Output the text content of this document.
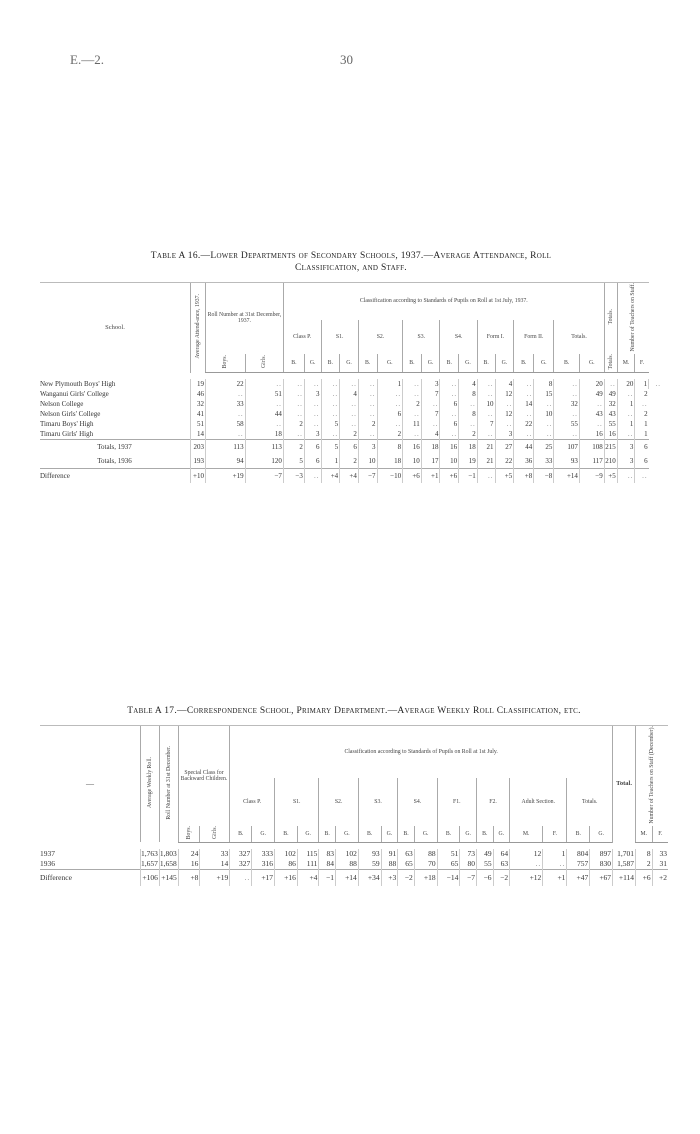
E.—2.	30
Table A 16.—Lower Departments of Secondary Schools, 1937.—Average Attendance, Roll
Classification, and Staff.
School.	Average Attend-ance, 1937.	Roll Number at 31st December, 1937.		Classification according to Standards of Pupils on Roll at 1st July, 1937.																Totals.	Number of Teachers on Staff.		
				Class P.		S1.		S2.		S3.		S4.		Form I.		Form II.		Totals.					
		Boys.	Girls.	B.	G.	B.	G.	B.	G.	B.	G.	B.	G.	B.	G.	B.	G.	B.	G.	Totals.	M.	F.	

New Plymouth Boys' High	19	22	..	..	..	..	..	..	1	..	3	..	4	..	4	..	8	..	20	..	20	1	..
Wanganui Girls' College	46	..	51	..	3	..	4	..	..	..	7	..	8	..	12	..	15	..	49	49	..	2	
Nelson College	32	33	..	..	..	..	..	..	..	2	..	6	..	10	..	14	..	32	..	32	1	..	
Nelson Girls' College	41	..	44	..	..	..	..	..	6	..	7	..	8	..	12	..	10	..	43	43	..	2	
Timaru Boys' High	51	58	..	2	..	5	..	2	..	11	..	6	..	7	..	22	..	55	..	55	1	1	
Timaru Girls' High	14	..	18	..	3	..	2	..	2	..	4	..	2	..	3	..	..	..	16	16	..	1	
Totals, 1937	203	113	113	2	6	5	6	3	8	16	18	16	18	21	27	44	25	107	108	215	3	6	
Totals, 1936	193	94	120	5	6	1	2	10	18	10	17	10	19	21	22	36	33	93	117	210	3	6	
Difference	+10	+19	−7	−3	..	+4	+4	−7	−10	+6	+1	+6	−1	..	+5	+8	−8	+14	−9	+5	..	..	
Table A 17.—Correspondence School, Primary Department.—Average Weekly Roll Classification, etc.
—	Average Weekly Roll.	Roll Number at 31st December.	Special Class for Backward Children.		Classification according to Standards of Pupils on Roll at 1st July.																		Total.	Number of Teachers on Staff (December).	
					Class P.		S1.		S2.		S3.		S4.		F1.		F2.		Adult Section.		Totals.				
			Boys.	Girls.	B.	G.	B.	G.	B.	G.	B.	G.	B.	G.	B.	G.	B.	G.	M.	F.	B.	G.		M.	F.

1937	1,763	1,803	24	33	327	333	102	115	83	102	93	91	63	88	51	73	49	64	12	1	804	897	1,701	8	33
1936	1,657	1,658	16	14	327	316	86	111	84	88	59	88	65	70	65	80	55	63	..	..	757	830	1,587	2	31
Difference	+106	+145	+8	+19	..	+17	+16	+4	−1	+14	+34	+3	−2	+18	−14	−7	−6	−2	+12	+1	+47	+67	+114	+6	+2
